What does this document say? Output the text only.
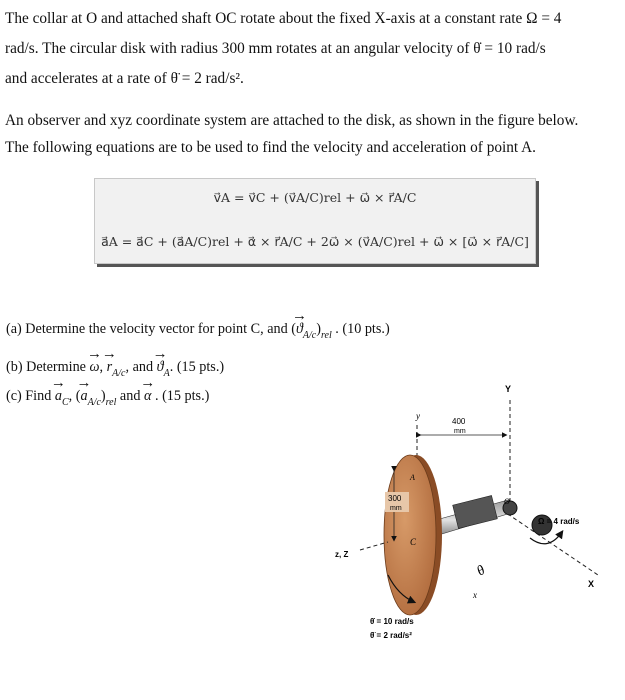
The collar at O and attached shaft OC rotate about the fixed X-axis at a constant rate Ω = 4
rad/s. The circular disk with radius 300 mm rotates at an angular velocity of θ̇ = 10 rad/s
and accelerates at a rate of θ̈ = 2 rad/s².
An observer and xyz coordinate system are attached to the disk, as shown in the figure below.
The following equations are to be used to find the velocity and acceleration of point A.
v⃗A = v⃗C + (v⃗A/C)rel + ω⃗ × r⃗A/C
a⃗A = a⃗C + (a⃗A/C)rel + α⃗ × r⃗A/C + 2ω⃗ × (v⃗A/C)rel + ω⃗ × [ω⃗ × r⃗A/C]
(a) Determine the velocity vector for point C, and (→ $ϑ_{A/c})_{rel}$ . (10 pts.)
(b) Determine → ω, → $r_{A/c}$, and → $ϑ_A$. (15 pts.)
(c) Find → $a_C$, (→ $a_{A/c})_{rel}$ and → α . (15 pts.)	Y
y
400
mm
O
Ω = 4 rad/s
300
mm
A
C
z, Z
X
x
θ
θ̇ = 10 rad/s
θ̈ = 2 rad/s²
